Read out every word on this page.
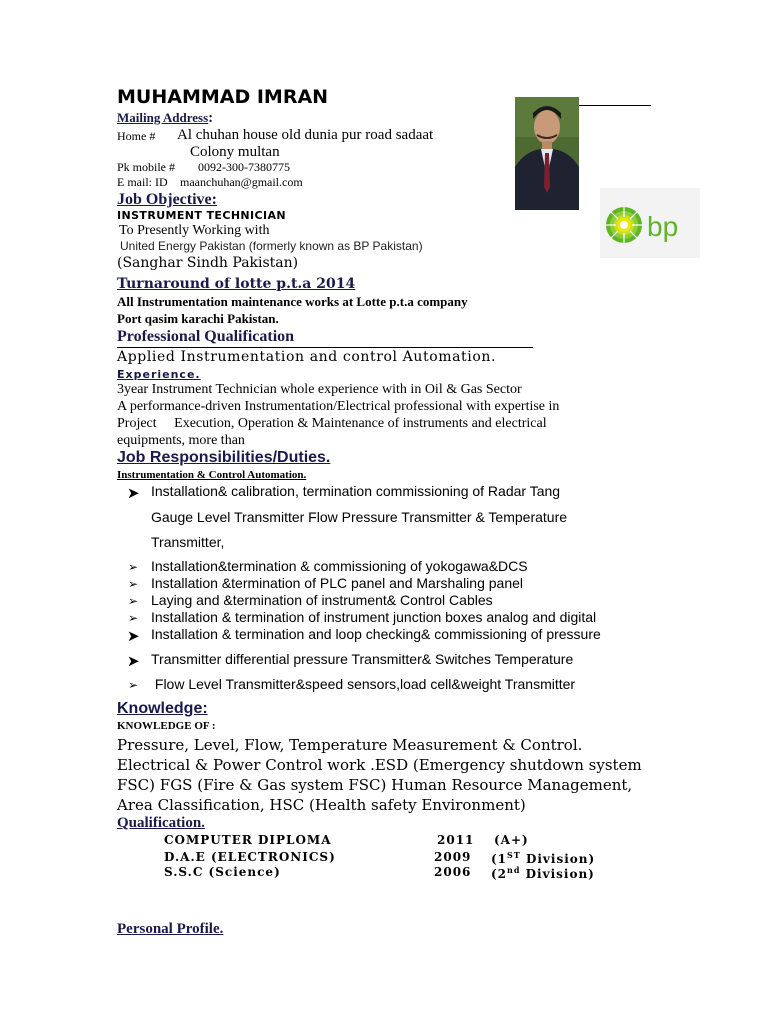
MUHAMMAD IMRAN
bp
Mailing Address:
Home # Al chuhan house old dunia pur road sadaat
Colony multan
Pk mobile # 0092-300-7380775
E mail: ID maanchuhan@gmail.com
Job Objective:
INSTRUMENT TECHNICIAN
To Presently Working with
United Energy Pakistan (formerly known as BP Pakistan)
(Sanghar Sindh Pakistan)
Turnaround of lotte p.t.a 2014
All Instrumentation maintenance works at Lotte p.t.a company
Port qasim karachi Pakistan.
Professional Qualification
Applied Instrumentation and control Automation.
Experience.
3year Instrument Technician whole experience with in Oil & Gas Sector
A performance-driven Instrumentation/Electrical professional with expertise in
Project     Execution, Operation & Maintenance of instruments and electrical
equipments, more than
Job Responsibilities/Duties.
Instrumentation & Control Automation.
➤ Installation& calibration, termination commissioning of Radar Tang
Gauge Level Transmitter Flow Pressure Transmitter & Temperature
Transmitter,
➢ Installation&termination & commissioning of yokogawa&DCS
➢ Installation &termination of PLC panel and Marshaling panel
➢ Laying and &termination of instrument& Control Cables
➢ Installation & termination of instrument junction boxes analog and digital
➤ Installation & termination and loop checking& commissioning of pressure
➤ Transmitter differential pressure Transmitter& Switches Temperature
➢ Flow Level Transmitter&speed sensors,load cell&weight Transmitter
Knowledge:
KNOWLEDGE OF :
Pressure, Level, Flow, Temperature Measurement & Control.
Electrical & Power Control work .ESD (Emergency shutdown system
FSC) FGS (Fire & Gas system FSC) Human Resource Management,
Area Classification, HSC (Health safety Environment)
Qualification.
COMPUTER DIPLOMA	2011 (A+)
D.A.E (ELECTRONICS)	2009 (1ST Division)
S.S.C (Science)	2006 (2nd Division)
Personal Profile.
